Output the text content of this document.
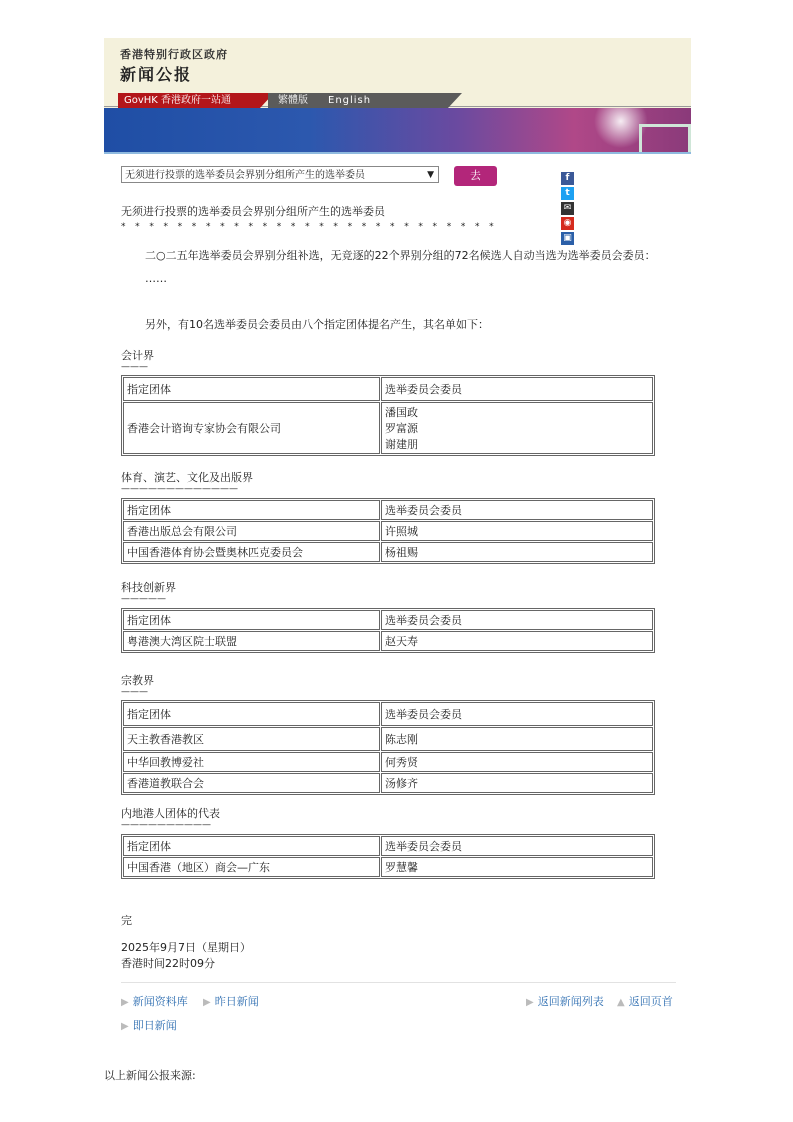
香港特别行政区政府
新闻公报
GovHK 香港政府一站通	繁體版 English
无须进行投票的选举委员会界别分组所产生的选举委员	▼	去	ft✉◉▣
无须进行投票的选举委员会界别分组所产生的选举委员
* * * * * * * * * * * * * * * * * * * * * * * * * * *
二○二五年选举委员会界别分组补选，无竞逐的22个界别分组的72名候选人自动当选为选举委员会委员：
……
另外，有10名选举委员会委员由八个指定团体提名产生，其名单如下：
会计界
———
指定团体	选举委员会委员
香港会计谘询专家协会有限公司	潘国政
罗富源
谢建朋
体育、演艺、文化及出版界
—————————————
指定团体	选举委员会委员
香港出版总会有限公司	许照城
中国香港体育协会暨奥林匹克委员会	杨祖赐
科技创新界
—————
指定团体	选举委员会委员
粤港澳大湾区院士联盟	赵天寿
宗教界
———
指定团体	选举委员会委员
天主教香港教区	陈志刚
中华回教博爱社	何秀贤
香港道教联合会	汤修齐
内地港人团体的代表
——————————
指定团体	选举委员会委员
中国香港（地区）商会—广东	罗慧馨
完
2025年9月7日（星期日）
香港时间22时09分
▶ 新闻资料库 ▶ 昨日新闻	▶ 返回新闻列表 ▲ 返回页首
▶ 即日新闻
以上新闻公报来源:
